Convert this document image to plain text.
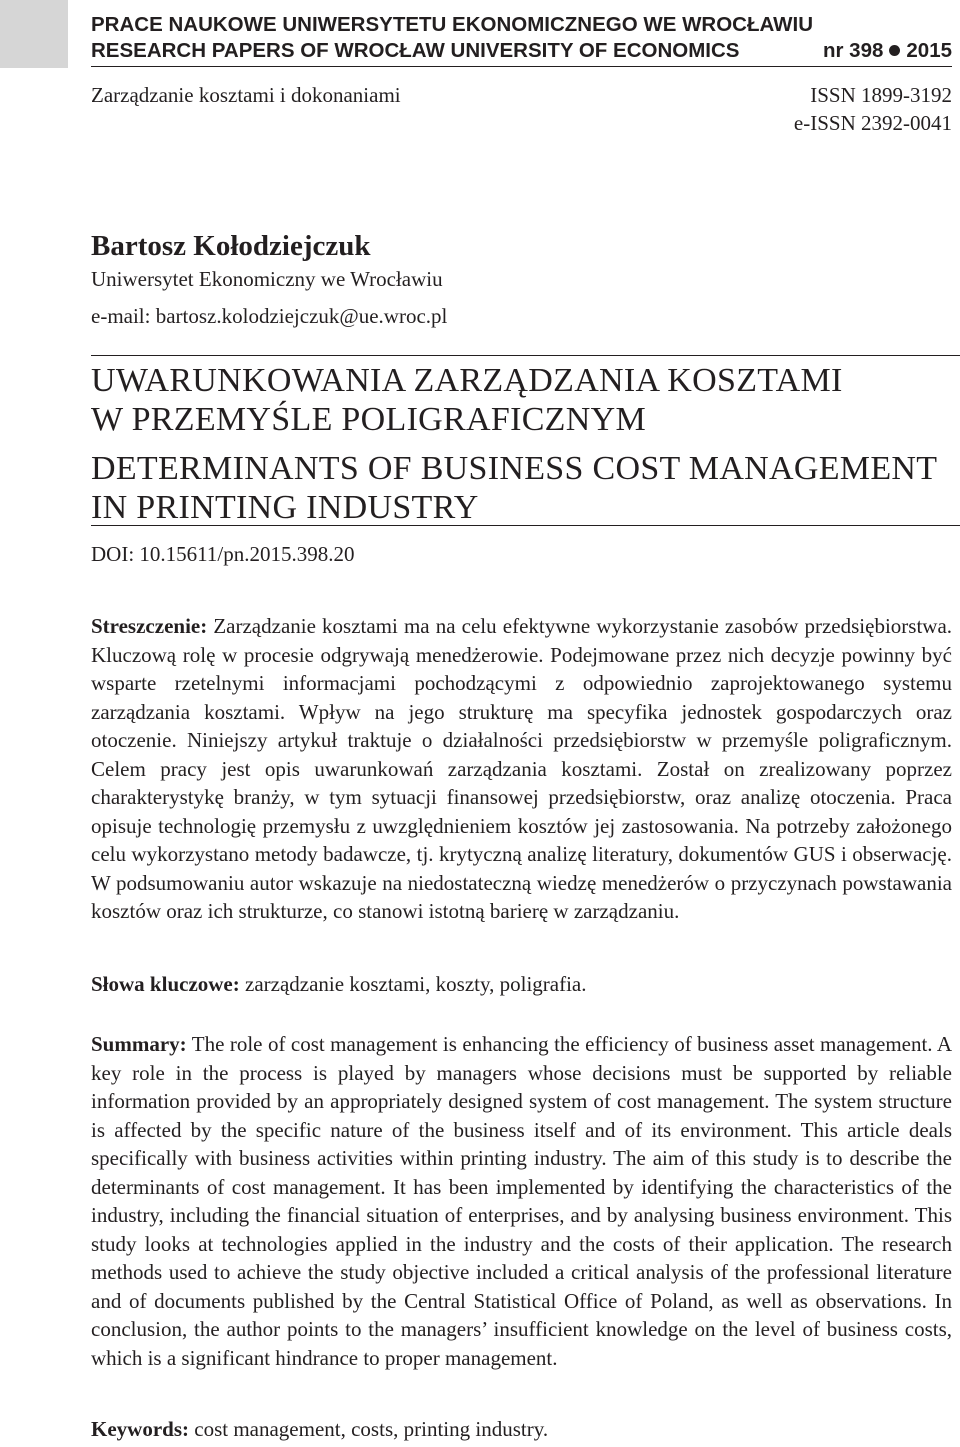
PRACE NAUKOWE UNIWERSYTETU EKONOMICZNEGO WE WROCŁAWIU
RESEARCH PAPERS OF WROCŁAW UNIVERSITY OF ECONOMICS	nr 398 2015
Zarządzanie kosztami i dokonaniami	ISSN 1899-3192
e-ISSN 2392-0041
Bartosz Kołodziejczuk
Uniwersytet Ekonomiczny we Wrocławiu
e-mail: bartosz.kolodziejczuk@ue.wroc.pl
UWARUNKOWANIA ZARZĄDZANIA KOSZTAMI
W PRZEMYŚLE POLIGRAFICZNYM
DETERMINANTS OF BUSINESS COST MANAGEMENT
IN PRINTING INDUSTRY
DOI: 10.15611/pn.2015.398.20
Streszczenie: Zarządzanie kosztami ma na celu efektywne wykorzystanie zasobów przedsiębiorstwa. Kluczową rolę w procesie odgrywają menedżerowie. Podejmowane przez nich decyzje powinny być wsparte rzetelnymi informacjami pochodzącymi z odpowiednio zaprojektowanego systemu zarządzania kosztami. Wpływ na jego strukturę ma specyfika jednostek gospodarczych oraz otoczenie. Niniejszy artykuł traktuje o działalności przedsiębiorstw w przemyśle poligraficznym. Celem pracy jest opis uwarunkowań zarządzania kosztami. Został on zrealizowany poprzez charakterystykę branży, w tym sytuacji finansowej przedsiębiorstw, oraz analizę otoczenia. Praca opisuje technologię przemysłu z uwzględnieniem kosztów jej zastosowania. Na potrzeby założonego celu wykorzystano metody badawcze, tj. krytyczną analizę literatury, dokumentów GUS i obserwację. W podsumowaniu autor wskazuje na niedostateczną wiedzę menedżerów o przyczynach powstawania kosztów oraz ich strukturze, co stanowi istotną barierę w zarządzaniu.
Słowa kluczowe: zarządzanie kosztami, koszty, poligrafia.
Summary: The role of cost management is enhancing the efficiency of business asset management. A key role in the process is played by managers whose decisions must be supported by reliable information provided by an appropriately designed system of cost management. The system structure is affected by the specific nature of the business itself and of its environment. This article deals specifically with business activities within printing industry. The aim of this study is to describe the determinants of cost management. It has been implemented by identifying the characteristics of the industry, including the financial situation of enterprises, and by analysing business environment. This study looks at technologies applied in the industry and the costs of their application. The research methods used to achieve the study objective included a critical analysis of the professional literature and of documents published by the Central Statistical Office of Poland, as well as observations. In conclusion, the author points to the managers’ insufficient knowledge on the level of business costs, which is a significant hindrance to proper management.
Keywords: cost management, costs, printing industry.
